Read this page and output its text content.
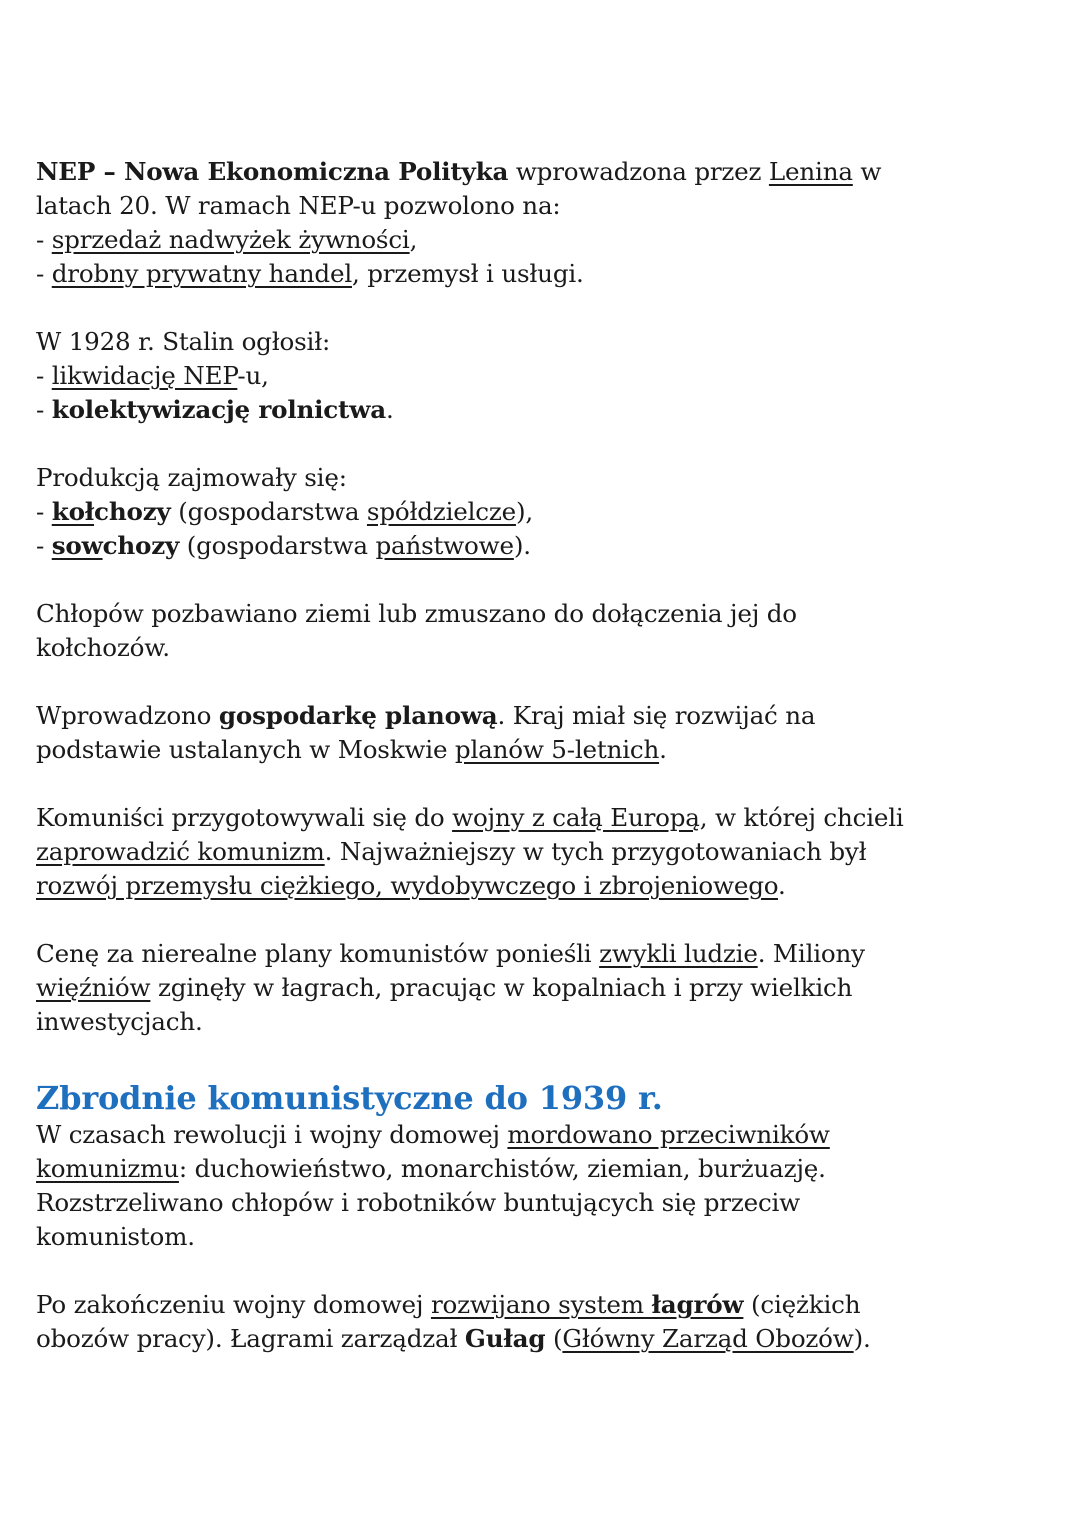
NEP – Nowa Ekonomiczna Polityka wprowadzona przez Lenina w
latach 20. W ramach NEP-u pozwolono na:
- sprzedaż nadwyżek żywności,
- drobny prywatny handel, przemysł i usługi.
W 1928 r. Stalin ogłosił:
- likwidację NEP-u,
- kolektywizację rolnictwa.
Produkcją zajmowały się:
- kołchozy (gospodarstwa spółdzielcze),
- sowchozy (gospodarstwa państwowe).
Chłopów pozbawiano ziemi lub zmuszano do dołączenia jej do
kołchozów.
Wprowadzono gospodarkę planową. Kraj miał się rozwijać na
podstawie ustalanych w Moskwie planów 5-letnich.
Komuniści przygotowywali się do wojny z całą Europą, w której chcieli
zaprowadzić komunizm. Najważniejszy w tych przygotowaniach był
rozwój przemysłu ciężkiego, wydobywczego i zbrojeniowego.
Cenę za nierealne plany komunistów ponieśli zwykli ludzie. Miliony
więźniów zginęły w łagrach, pracując w kopalniach i przy wielkich
inwestycjach.
Zbrodnie komunistyczne do 1939 r.
W czasach rewolucji i wojny domowej mordowano przeciwników
komunizmu: duchowieństwo, monarchistów, ziemian, burżuazję.
Rozstrzeliwano chłopów i robotników buntujących się przeciw
komunistom.
Po zakończeniu wojny domowej rozwijano system łagrów (ciężkich
obozów pracy). Łagrami zarządzał Gułag (Główny Zarząd Obozów).
